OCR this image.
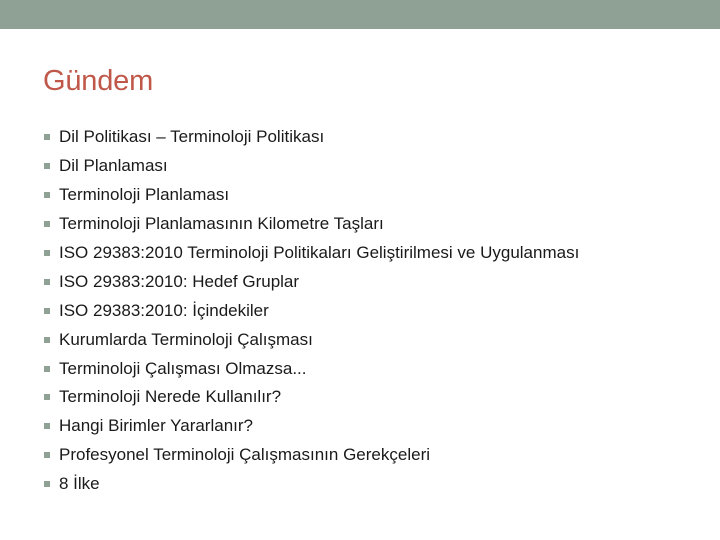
Gündem
Dil Politikası – Terminoloji Politikası
Dil Planlaması
Terminoloji Planlaması
Terminoloji Planlamasının Kilometre Taşları
ISO 29383:2010 Terminoloji Politikaları Geliştirilmesi ve Uygulanması
ISO 29383:2010: Hedef Gruplar
ISO 29383:2010: İçindekiler
Kurumlarda Terminoloji Çalışması
Terminoloji Çalışması Olmazsa...
Terminoloji Nerede Kullanılır?
Hangi Birimler Yararlanır?
Profesyonel Terminoloji Çalışmasının Gerekçeleri
8 İlke
